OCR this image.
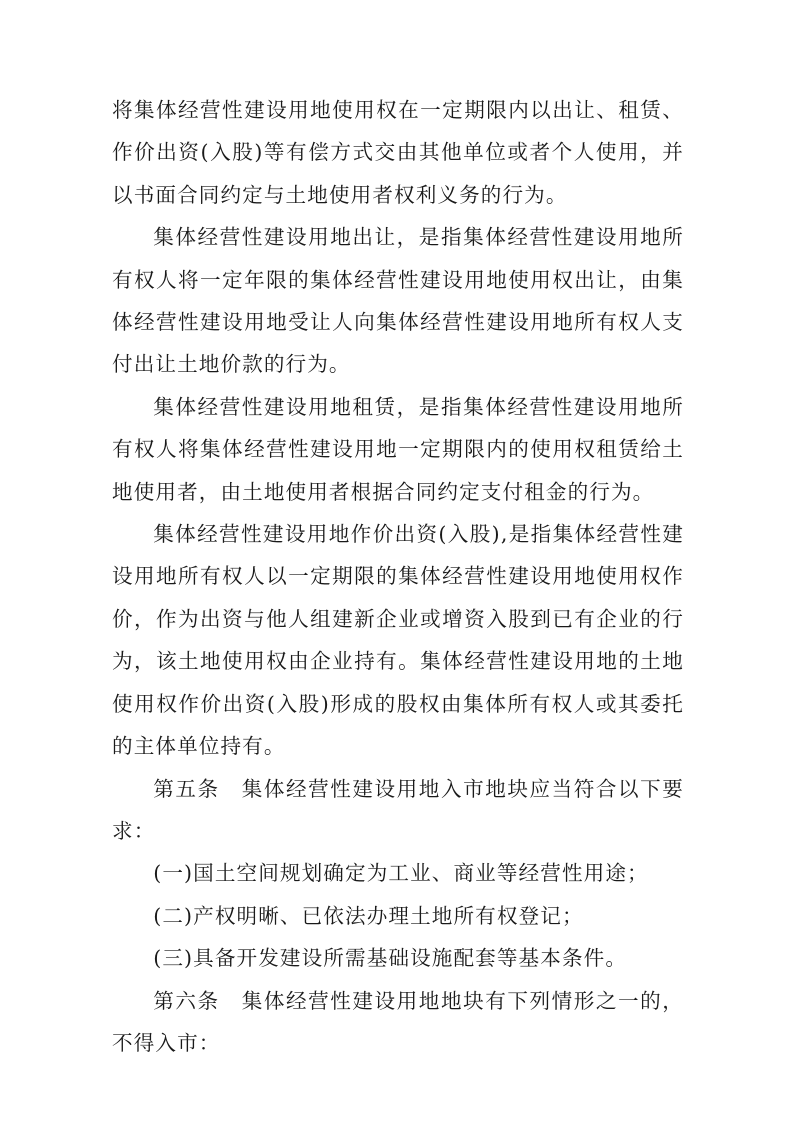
将集体经营性建设用地使用权在一定期限内以出让、租赁、作价出资(入股)等有偿方式交由其他单位或者个人使用，并以书面合同约定与土地使用者权利义务的行为。

集体经营性建设用地出让，是指集体经营性建设用地所有权人将一定年限的集体经营性建设用地使用权出让，由集体经营性建设用地受让人向集体经营性建设用地所有权人支付出让土地价款的行为。

集体经营性建设用地租赁，是指集体经营性建设用地所有权人将集体经营性建设用地一定期限内的使用权租赁给土地使用者，由土地使用者根据合同约定支付租金的行为。

集体经营性建设用地作价出资(入股),是指集体经营性建设用地所有权人以一定期限的集体经营性建设用地使用权作价，作为出资与他人组建新企业或增资入股到已有企业的行为，该土地使用权由企业持有。集体经营性建设用地的土地使用权作价出资(入股)形成的股权由集体所有权人或其委托的主体单位持有。

第五条　集体经营性建设用地入市地块应当符合以下要求：

(一)国土空间规划确定为工业、商业等经营性用途；

(二)产权明晰、已依法办理土地所有权登记；

(三)具备开发建设所需基础设施配套等基本条件。

第六条　集体经营性建设用地地块有下列情形之一的，不得入市：
